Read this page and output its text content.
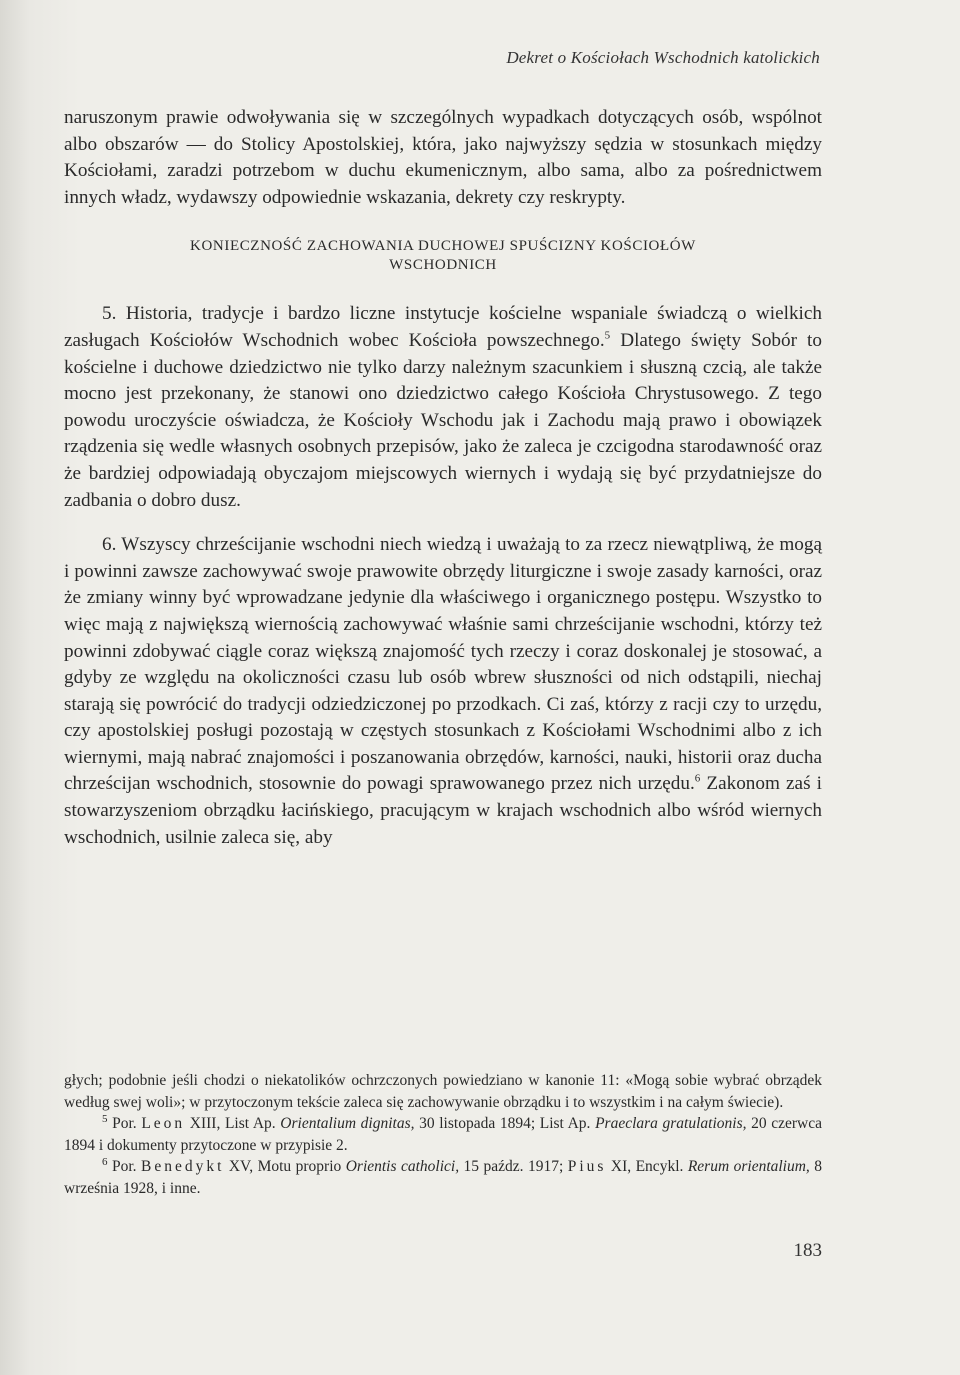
Dekret o Kościołach Wschodnich katolickich

naruszonym prawie odwoływania się w szczególnych wypadkach dotyczących osób, wspólnot albo obszarów — do Stolicy Apostolskiej, która, jako najwyższy sędzia w stosunkach między Kościołami, zaradzi potrzebom w duchu ekumenicznym, albo sama, albo za pośrednictwem innych władz, wydawszy odpowiednie wskazania, dekrety czy reskrypty.

KONIECZNOŚĆ ZACHOWANIA DUCHOWEJ SPUŚCIZNY KOŚCIOŁÓW
WSCHODNICH

5. Historia, tradycje i bardzo liczne instytucje kościelne wspaniale świadczą o wielkich zasługach Kościołów Wschodnich wobec Kościoła powszechnego.$^5$ Dlatego święty Sobór to kościelne i duchowe dziedzictwo nie tylko darzy należnym szacunkiem i słuszną czcią, ale także mocno jest przekonany, że stanowi ono dziedzictwo całego Kościoła Chrystusowego. Z tego powodu uroczyście oświadcza, że Kościoły Wschodu jak i Zachodu mają prawo i obowiązek rządzenia się wedle własnych osobnych przepisów, jako że zaleca je czcigodna starodawność oraz że bardziej odpowiadają obyczajom miejscowych wiernych i wydają się być przydatniejsze do zadbania o dobro dusz.

6. Wszyscy chrześcijanie wschodni niech wiedzą i uważają to za rzecz niewątpliwą, że mogą i powinni zawsze zachowywać swoje prawowite obrzędy liturgiczne i swoje zasady karności, oraz że zmiany winny być wprowadzane jedynie dla właściwego i organicznego postępu. Wszystko to więc mają z największą wiernością zachowywać właśnie sami chrześcijanie wschodni, którzy też powinni zdobywać ciągle coraz większą znajomość tych rzeczy i coraz doskonalej je stosować, a gdyby ze względu na okoliczności czasu lub osób wbrew słuszności od nich odstąpili, niechaj starają się powrócić do tradycji odziedziczonej po przodkach. Ci zaś, którzy z racji czy to urzędu, czy apostolskiej posługi pozostają w częstych stosunkach z Kościołami Wschodnimi albo z ich wiernymi, mają nabrać znajomości i poszanowania obrzędów, karności, nauki, historii oraz ducha chrześcijan wschodnich, stosownie do powagi sprawowanego przez nich urzędu.$^6$ Zakonom zaś i stowarzyszeniom obrządku łacińskiego, pracującym w krajach wschodnich albo wśród wiernych wschodnich, usilnie zaleca się, aby

głych; podobnie jeśli chodzi o niekatolików ochrzczonych powiedziano w kanonie 11: «Mogą sobie wybrać obrządek według swej woli»; w przytoczonym tekście zaleca się zachowywanie obrządku i to wszystkim i na całym świecie).

$^5$ Por. Leon XIII, List Ap. Orientalium dignitas, 30 listopada 1894; List Ap. Praeclara gratulationis, 20 czerwca 1894 i dokumenty przytoczone w przypisie 2.

$^6$ Por. Benedykt XV, Motu proprio Orientis catholici, 15 paźdz. 1917; Pius XI, Encykl. Rerum orientalium, 8 września 1928, i inne.

183
